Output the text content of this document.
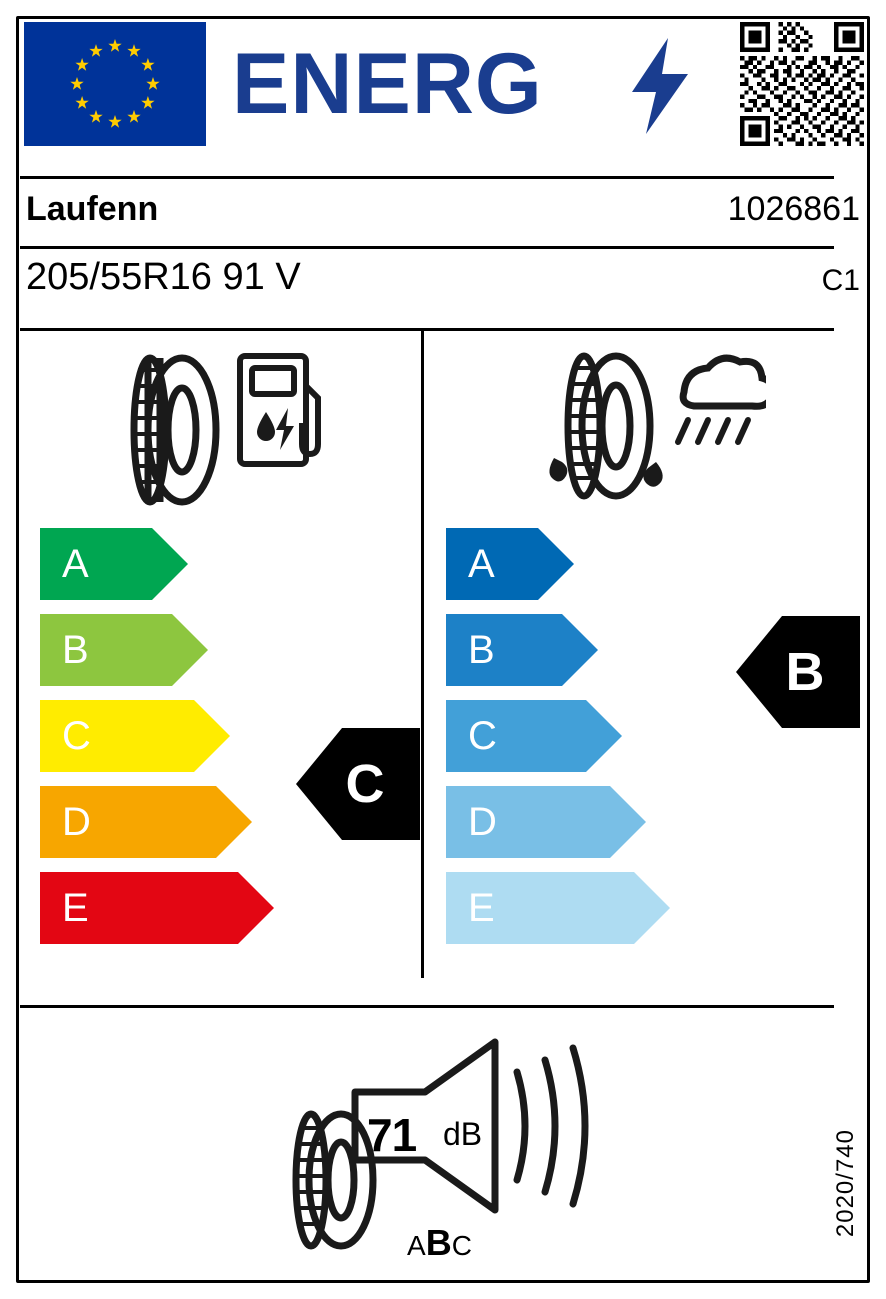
ENERG
Laufenn	1026861
205/55R16 91 V	C1
A
B
C
D
E
C
A
B
C
D
E
B
71 dB
ABC
2020/740
